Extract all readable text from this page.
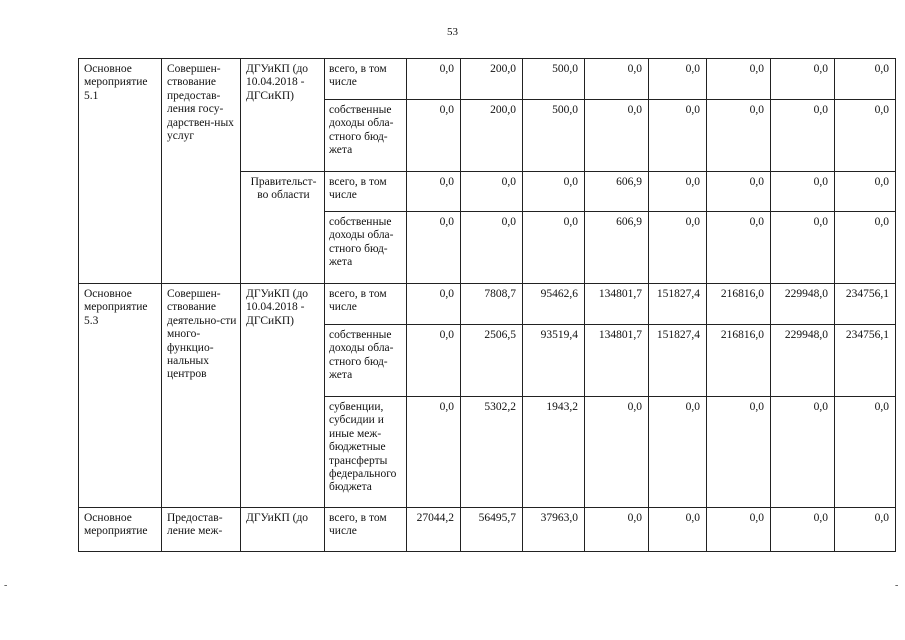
53
Основное мероприятие 5.1	Совершен-ствование предостав-ления госу-дарствен-ных услуг	ДГУиКП (до 10.04.2018 - ДГСиКП)	всего, в том числе	0,0	200,0	500,0	0,0	0,0	0,0	0,0	0,0
			собственные доходы обла-стного бюд-жета	0,0	200,0	500,0	0,0	0,0	0,0	0,0	0,0
		Правительст-во области	всего, в том числе	0,0	0,0	0,0	606,9	0,0	0,0	0,0	0,0
			собственные доходы обла-стного бюд-жета	0,0	0,0	0,0	606,9	0,0	0,0	0,0	0,0
Основное мероприятие 5.3	Совершен-ствование деятельно-сти много-функцио-нальных центров	ДГУиКП (до 10.04.2018 - ДГСиКП)	всего, в том числе	0,0	7808,7	95462,6	134801,7	151827,4	216816,0	229948,0	234756,1
			собственные доходы обла-стного бюд-жета	0,0	2506,5	93519,4	134801,7	151827,4	216816,0	229948,0	234756,1
			субвенции, субсидии и иные меж-бюджетные трансферты федерального бюджета	0,0	5302,2	1943,2	0,0	0,0	0,0	0,0	0,0
Основное мероприятие	Предостав-ление меж-	ДГУиКП (до	всего, в том числе	27044,2	56495,7	37963,0	0,0	0,0	0,0	0,0	0,0
-	-
